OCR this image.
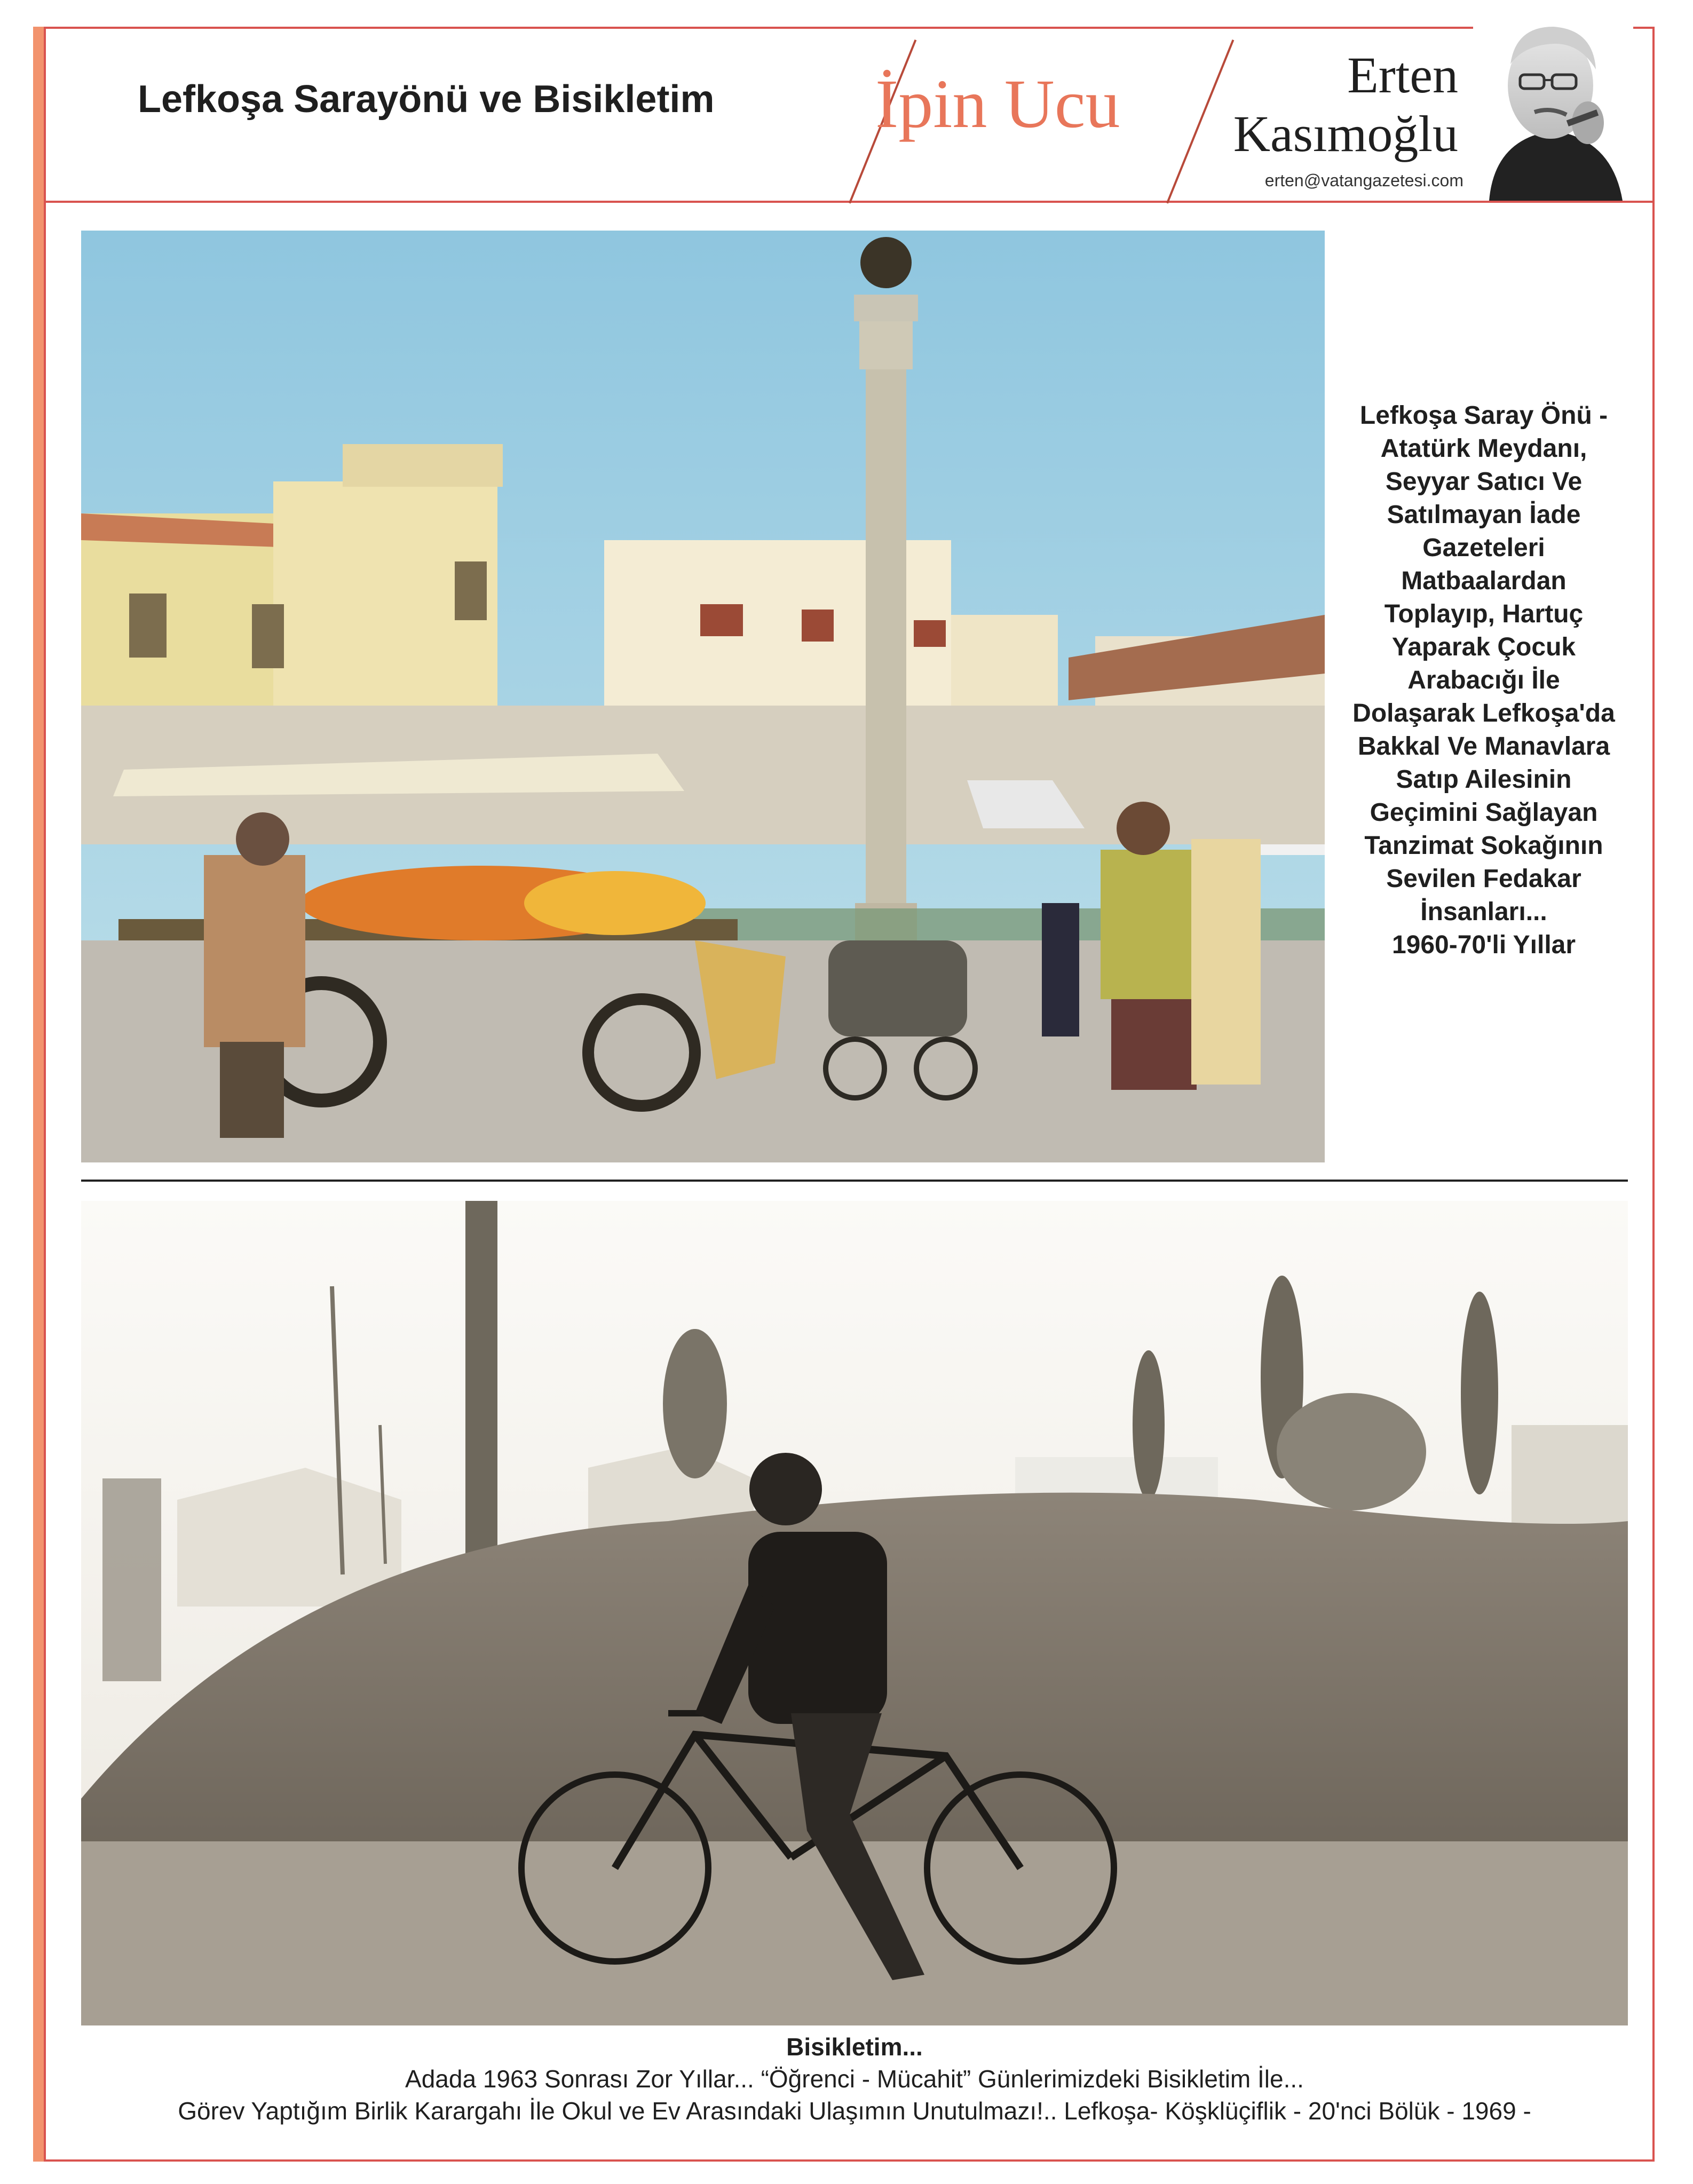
Lefkoşa Sarayönü ve Bisikletim İpin Ucu	Erten
Kasımoğlu
erten@vatangazetesi.com
Lefkoşa Saray Önü -
Atatürk Meydanı,
Seyyar Satıcı Ve
Satılmayan İade
Gazeteleri
Matbaalardan
Toplayıp, Hartuç
Yaparak Çocuk
Arabacığı İle
Dolaşarak Lefkoşa'da
Bakkal Ve Manavlara
Satıp Ailesinin
Geçimini Sağlayan
Tanzimat Sokağının
Sevilen Fedakar
İnsanları...
1960-70'li Yıllar
Bisikletim...
Adada 1963 Sonrası Zor Yıllar... “Öğrenci - Mücahit” Günlerimizdeki Bisikletim İle...
Görev Yaptığım Birlik Karargahı İle Okul ve Ev Arasındaki Ulaşımın Unutulmazı!.. Lefkoşa- Köşklüçiflik - 20'nci Bölük - 1969 -
